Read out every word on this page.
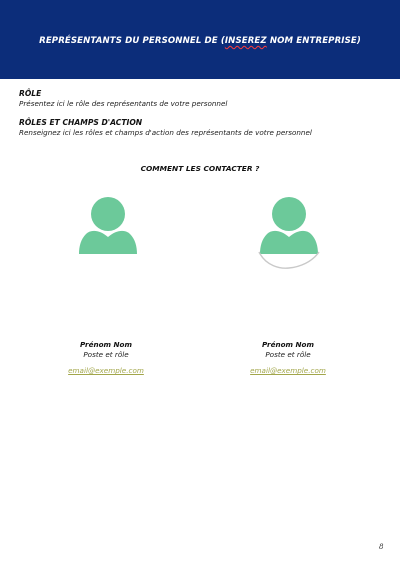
REPRÉSENTANTS DU PERSONNEL DE (INSEREZ NOM ENTREPRISE)
RÔLE
Présentez ici le rôle des représentants de votre personnel
RÔLES ET CHAMPS D'ACTION
Renseignez ici les rôles et champs d'action des représentants de votre personnel
COMMENT LES CONTACTER ?
Prénom Nom
Poste et rôle
email@exemple.com
Prénom Nom
Poste et rôle
email@exemple.com
8
